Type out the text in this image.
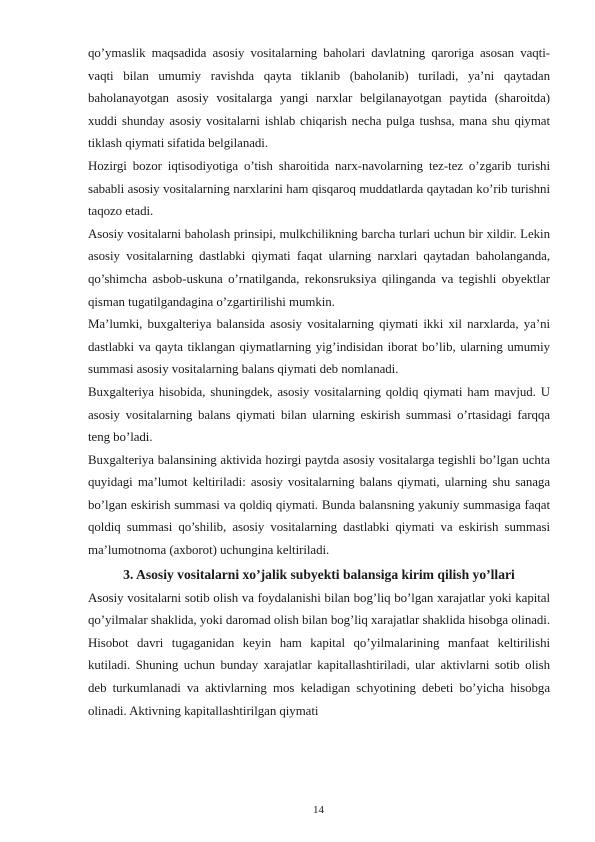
qo’ymaslik maqsadida asosiy vositalarning baholari davlatning qaroriga asosan vaqti-vaqti bilan umumiy ravishda qayta tiklanib (baholanib) turiladi, ya’ni qaytadan baholanayotgan asosiy vositalarga yangi narxlar belgilanayotgan paytida (sharoitda) xuddi shunday asosiy vositalarni ishlab chiqarish necha pulga tushsa, mana shu qiymat tiklash qiymati sifatida belgilanadi.

Hozirgi bozor iqtisodiyotiga o’tish sharoitida narx-navolarning tez-tez o’zgarib turishi sababli asosiy vositalarning narxlarini ham qisqaroq muddatlarda qaytadan ko’rib turishni taqozo etadi.

Asosiy vositalarni baholash prinsipi, mulkchilikning barcha turlari uchun bir xildir. Lekin asosiy vositalarning dastlabki qiymati faqat ularning narxlari qaytadan baholanganda, qo’shimcha asbob-uskuna o’rnatilganda, rekonsruksiya qilinganda va tegishli obyektlar qisman tugatilgandagina o’zgartirilishi mumkin.

Ma’lumki, buxgalteriya balansida asosiy vositalarning qiymati ikki xil narxlarda, ya’ni dastlabki va qayta tiklangan qiymatlarning yig’indisidan iborat bo’lib, ularning umumiy summasi asosiy vositalarning balans qiymati deb nomlanadi.

Buxgalteriya hisobida, shuningdek, asosiy vositalarning qoldiq qiymati ham mavjud. U asosiy vositalarning balans qiymati bilan ularning eskirish summasi o’rtasidagi farqqa teng bo’ladi.

Buxgalteriya balansining aktivida hozirgi paytda asosiy vositalarga tegishli bo’lgan uchta quyidagi ma’lumot keltiriladi: asosiy vositalarning balans qiymati, ularning shu sanaga bo’lgan eskirish summasi va qoldiq qiymati. Bunda balansning yakuniy summasiga faqat qoldiq summasi qo’shilib, asosiy vositalarning dastlabki qiymati va eskirish summasi ma’lumotnoma (axborot) uchungina keltiriladi.

3. Asosiy vositalarni xo’jalik subyekti balansiga kirim qilish yo’llari

Asosiy vositalarni sotib olish va foydalanishi bilan bog’liq bo’lgan xarajatlar yoki kapital qo’yilmalar shaklida, yoki daromad olish bilan bog’liq xarajatlar shaklida hisobga olinadi. Hisobot davri tugaganidan keyin ham kapital qo’yilmalarining manfaat keltirilishi kutiladi. Shuning uchun bunday xarajatlar kapitallashtiriladi, ular aktivlarni sotib olish deb turkumlanadi va aktivlarning mos keladigan schyotining debeti bo’yicha hisobga olinadi. Aktivning kapitallashtirilgan qiymati

14
